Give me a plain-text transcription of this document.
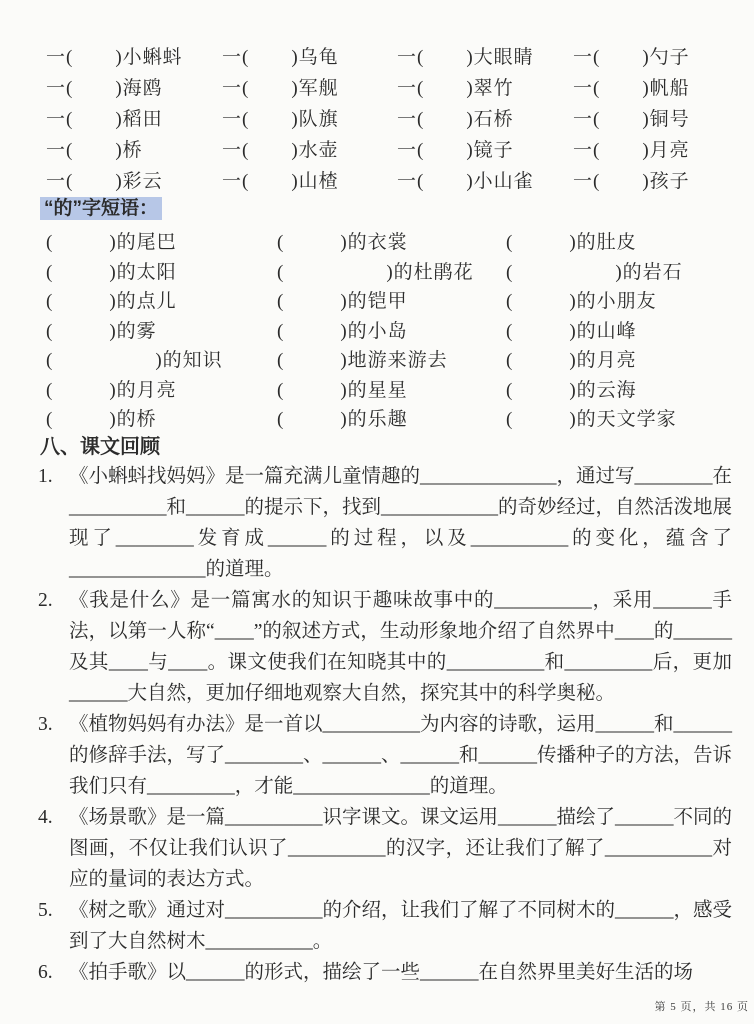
一( )小蝌蚪	一( )乌龟	一( )大眼睛	一( )勺子
一( )海鸥	一( )军舰	一( )翠竹	一( )帆船
一( )稻田	一( )队旗	一( )石桥	一( )铜号
一( )桥	一( )水壶	一( )镜子	一( )月亮
一( )彩云	一( )山楂	一( )小山雀	一( )孩子
“的”字短语：
(	)的尾巴	(	)的衣裳	(	)的肚皮
(	)的太阳	(	)的杜鹃花	(	)的岩石
(	)的点儿	(	)的铠甲	(	)的小朋友
(	)的雾	(	)的小岛	(	)的山峰
(	)的知识	(	)地游来游去	(	)的月亮
(	)的月亮	(	)的星星	(	)的云海
(	)的桥	(	)的乐趣	(	)的天文学家
八、课文回顾
1. 《小蝌蚪找妈妈》是一篇充满儿童情趣的______________，通过写________在__________和______的提示下，找到____________的奇妙经过，自然活泼地展现了________发育成______的过程，以及__________的变化，蕴含了______________的道理。
2. 《我是什么》是一篇寓水的知识于趣味故事中的__________，采用______手法，以第一人称“____”的叙述方式，生动形象地介绍了自然界中____的______及其____与____。课文使我们在知晓其中的__________和_________后，更加______大自然，更加仔细地观察大自然，探究其中的科学奥秘。
3. 《植物妈妈有办法》是一首以__________为内容的诗歌，运用______和______的修辞手法，写了________、______、______和______传播种子的方法，告诉我们只有_________，才能______________的道理。
4. 《场景歌》是一篇__________识字课文。课文运用______描绘了______不同的图画，不仅让我们认识了__________的汉字，还让我们了解了___________对应的量词的表达方式。
5. 《树之歌》通过对__________的介绍，让我们了解了不同树木的______，感受到了大自然树木___________。
6. 《拍手歌》以______的形式，描绘了一些______在自然界里美好生活的场
第 5 页，共 16 页
